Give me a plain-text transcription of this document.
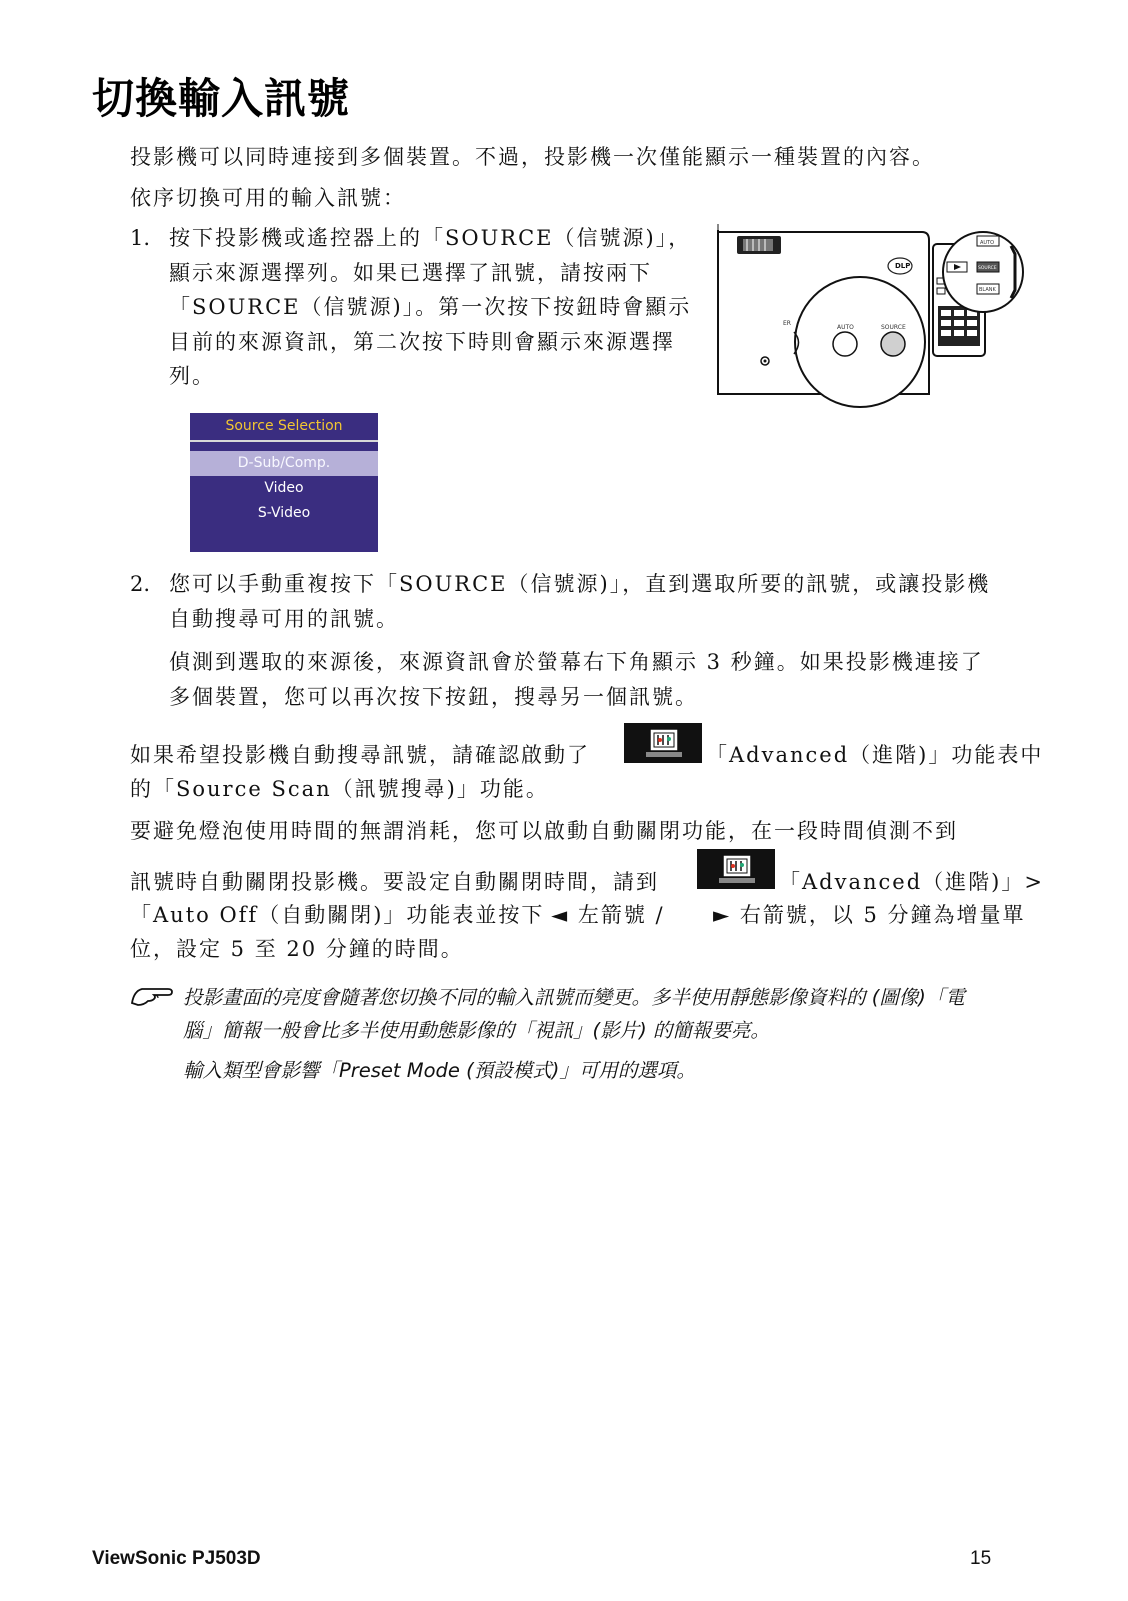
切換輸入訊號
投影機可以同時連接到多個裝置。不過，投影機一次僅能顯示一種裝置的內容。
依序切換可用的輸入訊號：
1. 按下投影機或遙控器上的「SOURCE（信號源)」，
顯示來源選擇列。如果已選擇了訊號，請按兩下
「SOURCE（信號源)」。第一次按下按鈕時會顯示
目前的來源資訊，第二次按下時則會顯示來源選擇
列。
DLP
ER
AUTO	SOURCE
AUTO
SOURCE
BLANK
Source Selection
D-Sub/Comp.
Video
S-Video
2. 您可以手動重複按下「SOURCE（信號源)」，直到選取所要的訊號，或讓投影機
自動搜尋可用的訊號。
偵測到選取的來源後，來源資訊會於螢幕右下角顯示 3 秒鐘。如果投影機連接了
多個裝置，您可以再次按下按鈕，搜尋另一個訊號。
如果希望投影機自動搜尋訊號，請確認啟動了	「Advanced（進階)」功能表中
的「Source Scan（訊號搜尋)」功能。
要避免燈泡使用時間的無謂消耗，您可以啟動自動關閉功能，在一段時間偵測不到
訊號時自動關閉投影機。要設定自動關閉時間，請到	「Advanced（進階)」>
「Auto Off（自動關閉)」功能表並按下 ◄ 左箭號 / ► 右箭號，以 5 分鐘為增量單
位，設定 5 至 20 分鐘的時間。
投影畫面的亮度會隨著您切換不同的輸入訊號而變更。多半使用靜態影像資料的 (圖像)「電
腦」簡報一般會比多半使用動態影像的「視訊」(影片) 的簡報要亮。
輸入類型會影響「Preset Mode (預設模式)」可用的選項。
ViewSonic PJ503D	15
